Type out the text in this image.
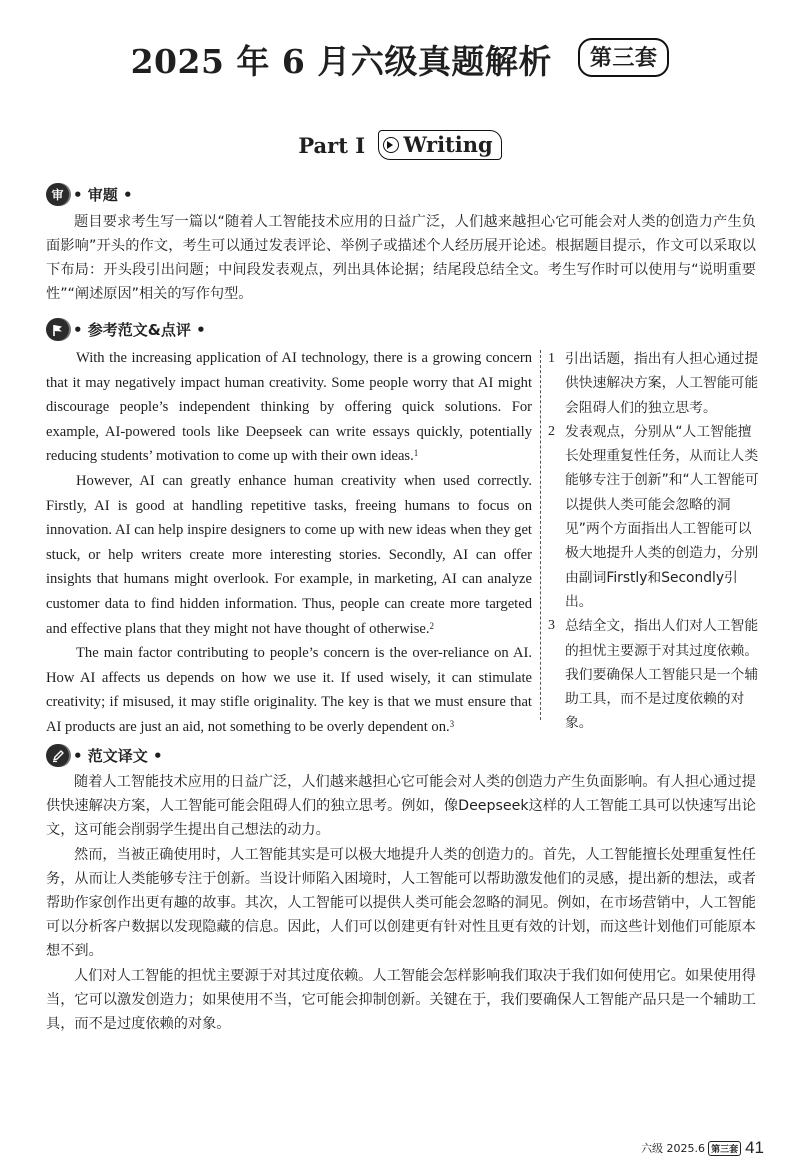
2025 年 6 月六级真题解析 第三套
Part I Writing
审 • 审题 •
题目要求考生写一篇以“随着人工智能技术应用的日益广泛，人们越来越担心它可能会对人类的创造力产生负面影响”开头的作文，考生可以通过发表评论、举例子或描述个人经历展开论述。根据题目提示，作文可以采取以下布局：开头段引出问题；中间段发表观点，列出具体论据；结尾段总结全文。考生写作时可以使用与“说明重要性”“阐述原因”相关的写作句型。
• 参考范文&点评 •

With the increasing application of AI technology, there is a growing concern that it may negatively impact human creativity. Some people worry that AI might discourage people’s independent thinking by offering quick solutions. For example, AI-powered tools like Deepseek can write essays quickly, potentially reducing students’ motivation to come up with their own ideas.$^1$

However, AI can greatly enhance human creativity when used correctly. Firstly, AI is good at handling repetitive tasks, freeing humans to focus on innovation. AI can help inspire designers to come up with new ideas when they get stuck, or help writers create more interesting stories. Secondly, AI can offer insights that humans might overlook. For example, in marketing, AI can analyze customer data to find hidden information. Thus, people can create more targeted and effective plans that they might not have thought of otherwise.$^2$

The main factor contributing to people’s concern is the over-reliance on AI. How AI affects us depends on how we use it. If used wisely, it can stimulate creativity; if misused, it may stifle originality. The key is that we must ensure that AI products are just an aid, not something to be overly dependent on.$^3$

1 引出话题，指出有人担心通过提供快速解决方案，人工智能可能会阻碍人们的独立思考。
2 发表观点，分别从“人工智能擅长处理重复性任务，从而让人类能够专注于创新”和“人工智能可以提供人类可能会忽略的洞见”两个方面指出人工智能可以极大地提升人类的创造力，分别由副词Firstly和Secondly引出。
3 总结全文，指出人们对人工智能的担忧主要源于对其过度依赖。我们要确保人工智能只是一个辅助工具，而不是过度依赖的对象。
• 范文译文 •

随着人工智能技术应用的日益广泛，人们越来越担心它可能会对人类的创造力产生负面影响。有人担心通过提供快速解决方案，人工智能可能会阻碍人们的独立思考。例如，像Deepseek这样的人工智能工具可以快速写出论文，这可能会削弱学生提出自己想法的动力。

然而，当被正确使用时，人工智能其实是可以极大地提升人类的创造力的。首先，人工智能擅长处理重复性任务，从而让人类能够专注于创新。当设计师陷入困境时，人工智能可以帮助激发他们的灵感，提出新的想法，或者帮助作家创作出更有趣的故事。其次，人工智能可以提供人类可能会忽略的洞见。例如，在市场营销中，人工智能可以分析客户数据以发现隐藏的信息。因此，人们可以创建更有针对性且更有效的计划，而这些计划他们可能原本想不到。

人们对人工智能的担忧主要源于对其过度依赖。人工智能会怎样影响我们取决于我们如何使用它。如果使用得当，它可以激发创造力；如果使用不当，它可能会抑制创新。关键在于，我们要确保人工智能产品只是一个辅助工具，而不是过度依赖的对象。

六级 2025.6 第三套 41
